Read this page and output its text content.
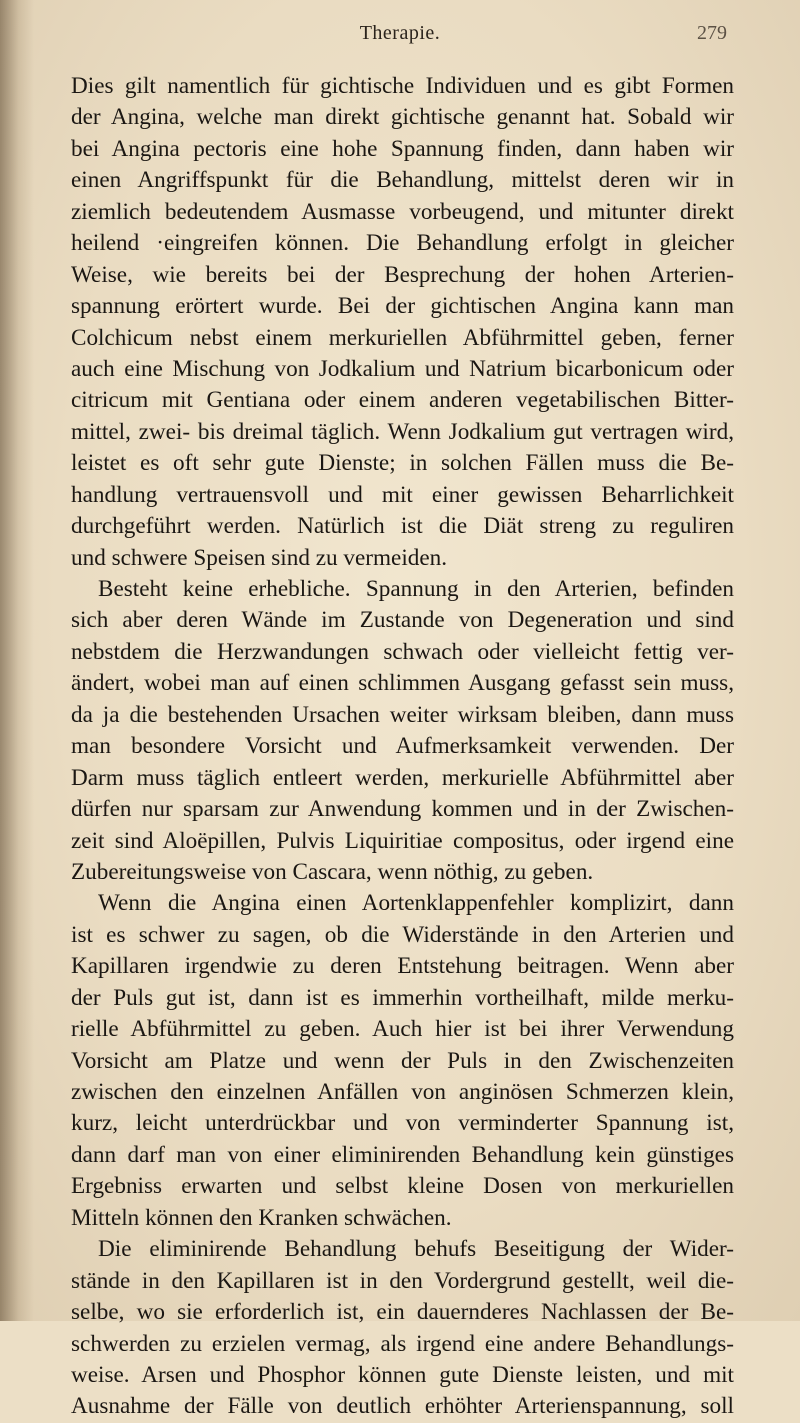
Therapie.	279
Dies gilt namentlich für gichtische Individuen und es gibt Formen
der Angina, welche man direkt gichtische genannt hat. Sobald wir
bei Angina pectoris eine hohe Spannung finden, dann haben wir
einen Angriffspunkt für die Behandlung, mittelst deren wir in
ziemlich bedeutendem Ausmasse vorbeugend, und mitunter direkt
heilend ·eingreifen können. Die Behandlung erfolgt in gleicher
Weise, wie bereits bei der Besprechung der hohen Arterien-
spannung erörtert wurde. Bei der gichtischen Angina kann man
Colchicum nebst einem merkuriellen Abführmittel geben, ferner
auch eine Mischung von Jodkalium und Natrium bicarbonicum oder
citricum mit Gentiana oder einem anderen vegetabilischen Bitter-
mittel, zwei- bis dreimal täglich. Wenn Jodkalium gut vertragen wird,
leistet es oft sehr gute Dienste; in solchen Fällen muss die Be-
handlung vertrauensvoll und mit einer gewissen Beharrlichkeit
durchgeführt werden. Natürlich ist die Diät streng zu reguliren
und schwere Speisen sind zu vermeiden.
Besteht keine erhebliche. Spannung in den Arterien, befinden
sich aber deren Wände im Zustande von Degeneration und sind
nebstdem die Herzwandungen schwach oder vielleicht fettig ver-
ändert, wobei man auf einen schlimmen Ausgang gefasst sein muss,
da ja die bestehenden Ursachen weiter wirksam bleiben, dann muss
man besondere Vorsicht und Aufmerksamkeit verwenden. Der
Darm muss täglich entleert werden, merkurielle Abführmittel aber
dürfen nur sparsam zur Anwendung kommen und in der Zwischen-
zeit sind Aloëpillen, Pulvis Liquiritiae compositus, oder irgend eine
Zubereitungsweise von Cascara, wenn nöthig, zu geben.
Wenn die Angina einen Aortenklappenfehler komplizirt, dann
ist es schwer zu sagen, ob die Widerstände in den Arterien und
Kapillaren irgendwie zu deren Entstehung beitragen. Wenn aber
der Puls gut ist, dann ist es immerhin vortheilhaft, milde merku-
rielle Abführmittel zu geben. Auch hier ist bei ihrer Verwendung
Vorsicht am Platze und wenn der Puls in den Zwischenzeiten
zwischen den einzelnen Anfällen von anginösen Schmerzen klein,
kurz, leicht unterdrückbar und von verminderter Spannung ist,
dann darf man von einer eliminirenden Behandlung kein günstiges
Ergebniss erwarten und selbst kleine Dosen von merkuriellen
Mitteln können den Kranken schwächen.
Die eliminirende Behandlung behufs Beseitigung der Wider-
stände in den Kapillaren ist in den Vordergrund gestellt, weil die-
selbe, wo sie erforderlich ist, ein dauernderes Nachlassen der Be-
schwerden zu erzielen vermag, als irgend eine andere Behandlungs-
weise. Arsen und Phosphor können gute Dienste leisten, und mit
Ausnahme der Fälle von deutlich erhöhter Arterienspannung, soll
